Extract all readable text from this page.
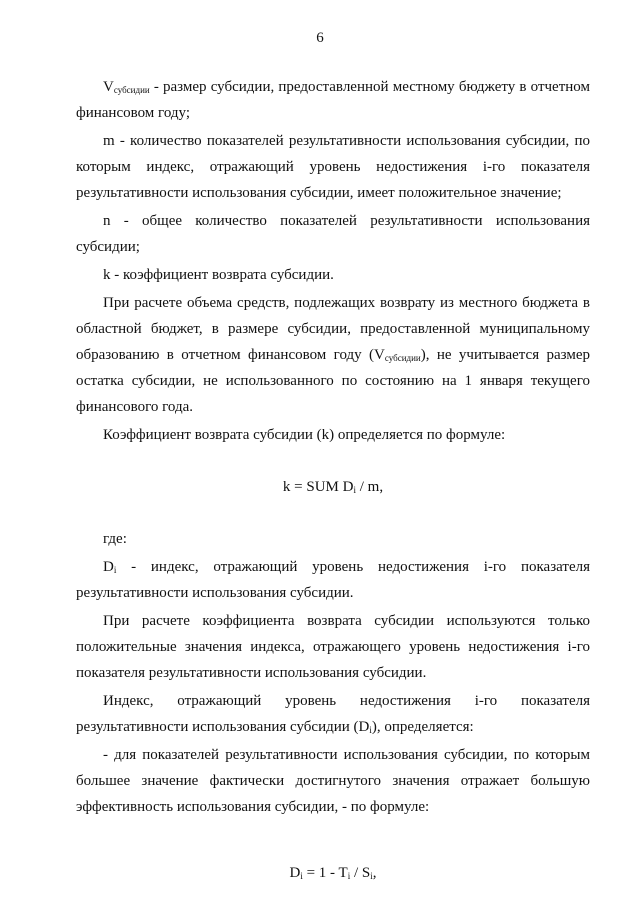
6

$V_{субсидии}$ - размер субсидии, предоставленной местному бюджету в отчетном финансовом году;

m - количество показателей результативности использования субсидии, по которым индекс, отражающий уровень недостижения i-го показателя результативности использования субсидии, имеет положительное значение;

n - общее количество показателей результативности использования субсидии;

k - коэффициент возврата субсидии.

При расчете объема средств, подлежащих возврату из местного бюджета в областной бюджет, в размере субсидии, предоставленной муниципальному образованию в отчетном финансовом году $(V_{субсидии})$, не учитывается размер остатка субсидии, не использованного по состоянию на 1 января текущего финансового года.

Коэффициент возврата субсидии (k) определяется по формуле:

k = SUM $D_i$ / m,

где:

$D_i$ - индекс, отражающий уровень недостижения i-го показателя результативности использования субсидии.

При расчете коэффициента возврата субсидии используются только положительные значения индекса, отражающего уровень недостижения i-го показателя результативности использования субсидии.

Индекс, отражающий уровень недостижения i-го показателя результативности использования субсидии $(D_i)$, определяется:

- для показателей результативности использования субсидии, по которым большее значение фактически достигнутого значения отражает большую эффективность использования субсидии, - по формуле:

$D_i = 1 - T_i / S_i$,
